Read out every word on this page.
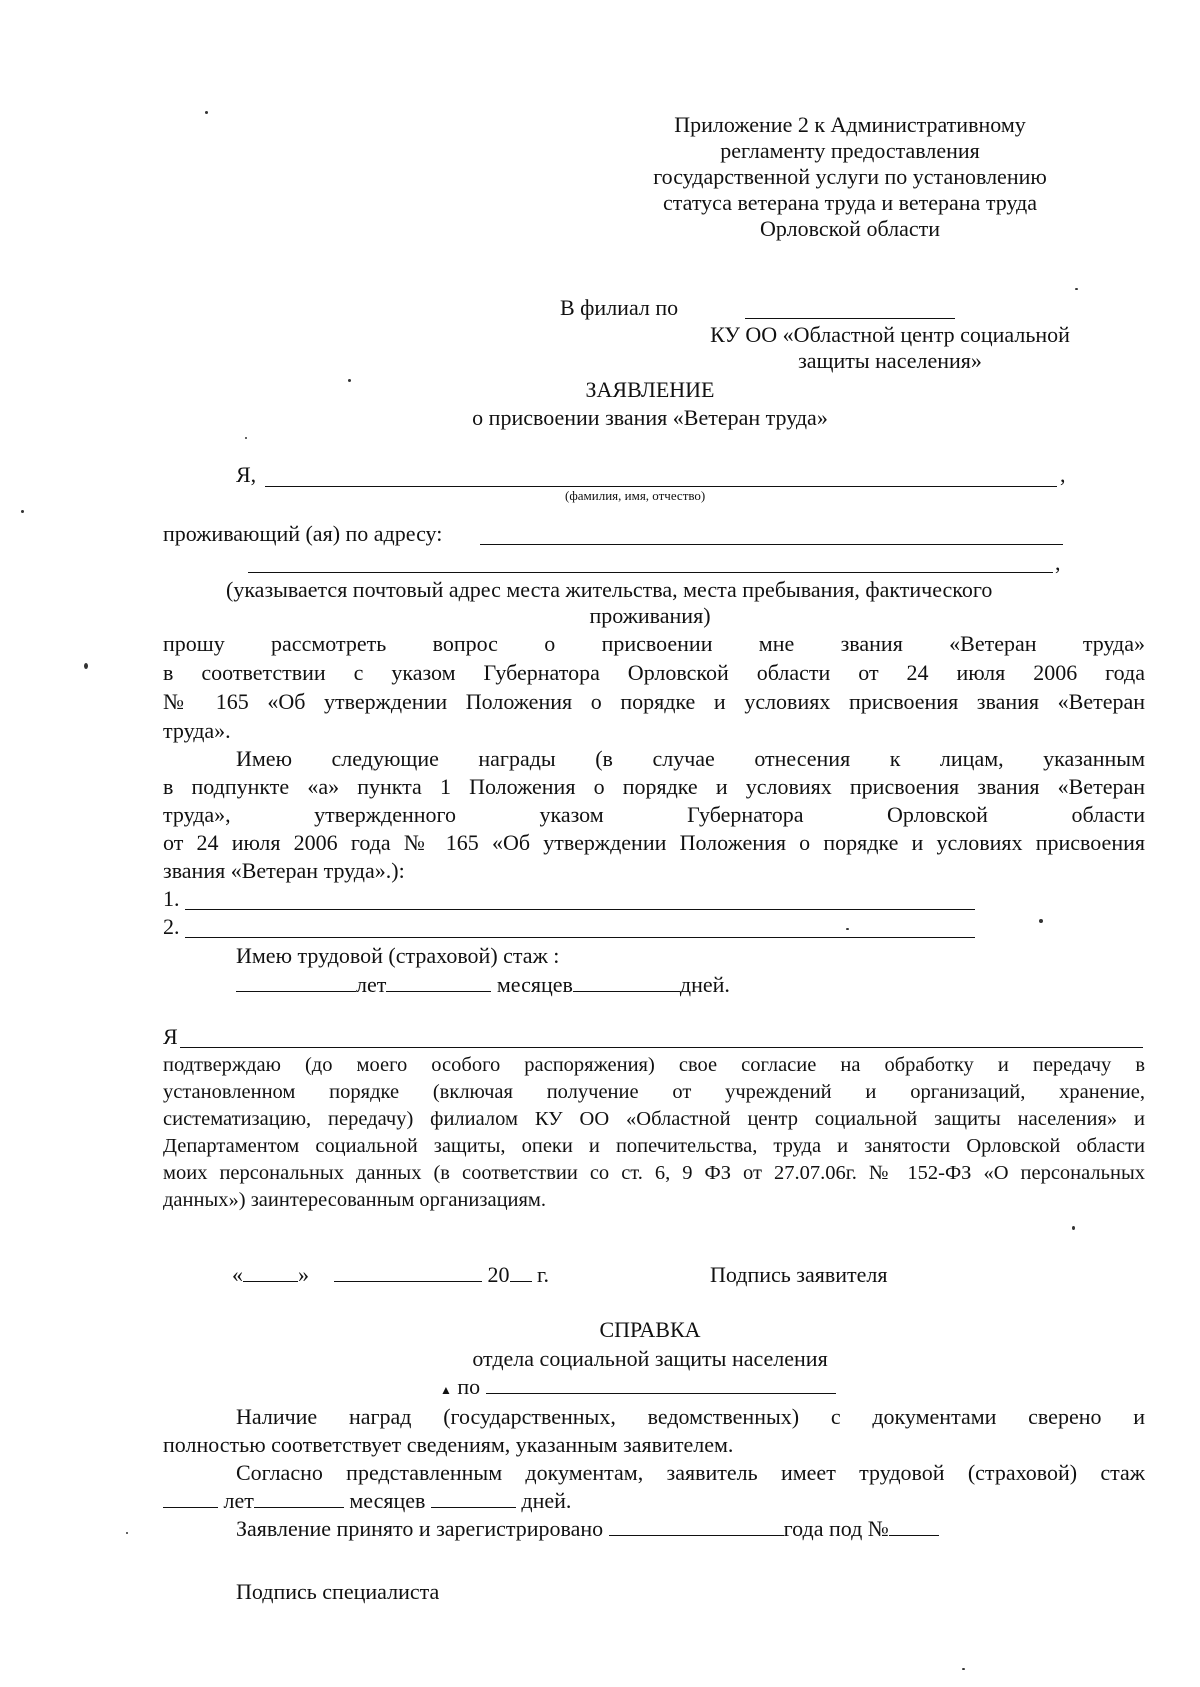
Приложение 2 к Административному
регламенту предоставления
государственной услуги по установлению
статуса ветерана труда и ветерана труда
Орловской области
В филиал по
КУ ОО «Областной центр социальной
защиты населения»
ЗАЯВЛЕНИЕ
о присвоении звания «Ветеран труда»
Я,	,
(фамилия, имя, отчество)
проживающий (ая) по адресу:
,
(указывается почтовый адрес места жительства, места пребывания, фактического
проживания)
прошу рассмотреть вопрос о присвоении мне звания «Ветеран труда»
в соответствии с указом Губернатора Орловской области от 24 июля 2006 года
№ 165 «Об утверждении Положения о порядке и условиях присвоения звания «Ветеран
труда».
Имею следующие награды (в случае отнесения к лицам, указанным
в подпункте «а» пункта 1 Положения о порядке и условиях присвоения звания «Ветеран
труда», утвержденного указом Губернатора Орловской области
от 24 июля 2006 года № 165 «Об утверждении Положения о порядке и условиях присвоения
звания «Ветеран труда».):
1.
2.
Имею трудовой (страховой) стаж :
лет	месяцев	дней.
Я
подтверждаю (до моего особого распоряжения) свое согласие на обработку и передачу в
установленном порядке (включая получение от учреждений и организаций, хранение,
систематизацию, передачу) филиалом КУ ОО «Областной центр социальной защиты населения» и
Департаментом социальной защиты, опеки и попечительства, труда и занятости Орловской области
моих персональных данных (в соответствии со ст. 6, 9 ФЗ от 27.07.06г. № 152-ФЗ «О персональных
данных») заинтересованным организациям.
«	»	20 г.	Подпись заявителя
СПРАВКА
отдела социальной защиты населения
▲ по
Наличие наград (государственных, ведомственных) с документами сверено и
полностью соответствует сведениям, указанным заявителем.
Согласно представленным документам, заявитель имеет трудовой (страховой) стаж
лет	месяцев	дней.
Заявление принято и зарегистрировано	года под №
Подпись специалиста
